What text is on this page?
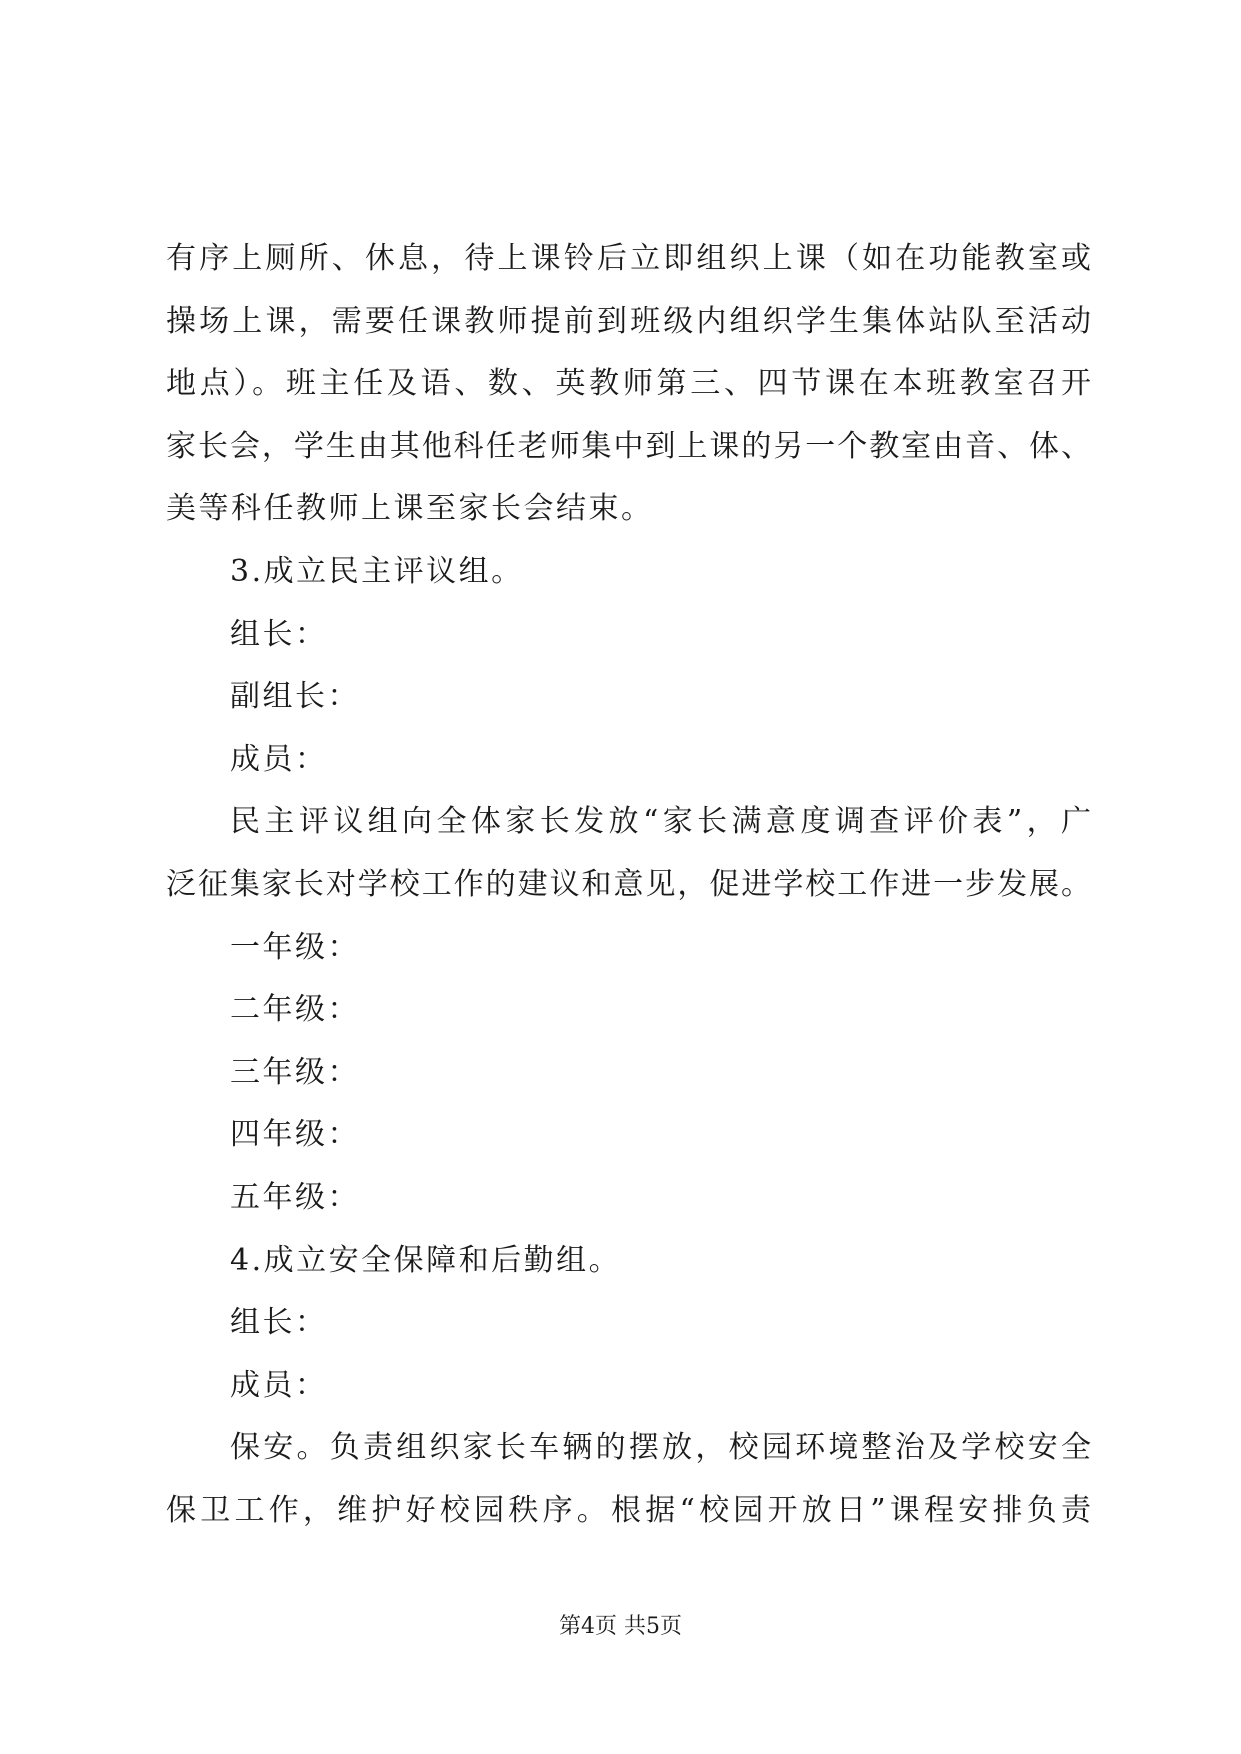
有序上厕所、休息，待上课铃后立即组织上课（如在功能教室或
操场上课，需要任课教师提前到班级内组织学生集体站队至活动
地点）。班主任及语、数、英教师第三、四节课在本班教室召开
家长会，学生由其他科任老师集中到上课的另一个教室由音、体、
美等科任教师上课至家长会结束。
3.成立民主评议组。
组长：
副组长：
成员：
民主评议组向全体家长发放“家长满意度调查评价表”，广
泛征集家长对学校工作的建议和意见，促进学校工作进一步发展。
一年级：
二年级：
三年级：
四年级：
五年级：
4.成立安全保障和后勤组。
组长：
成员：
保安。负责组织家长车辆的摆放，校园环境整治及学校安全
保卫工作，维护好校园秩序。根据“校园开放日”课程安排负责
第4页 共5页
